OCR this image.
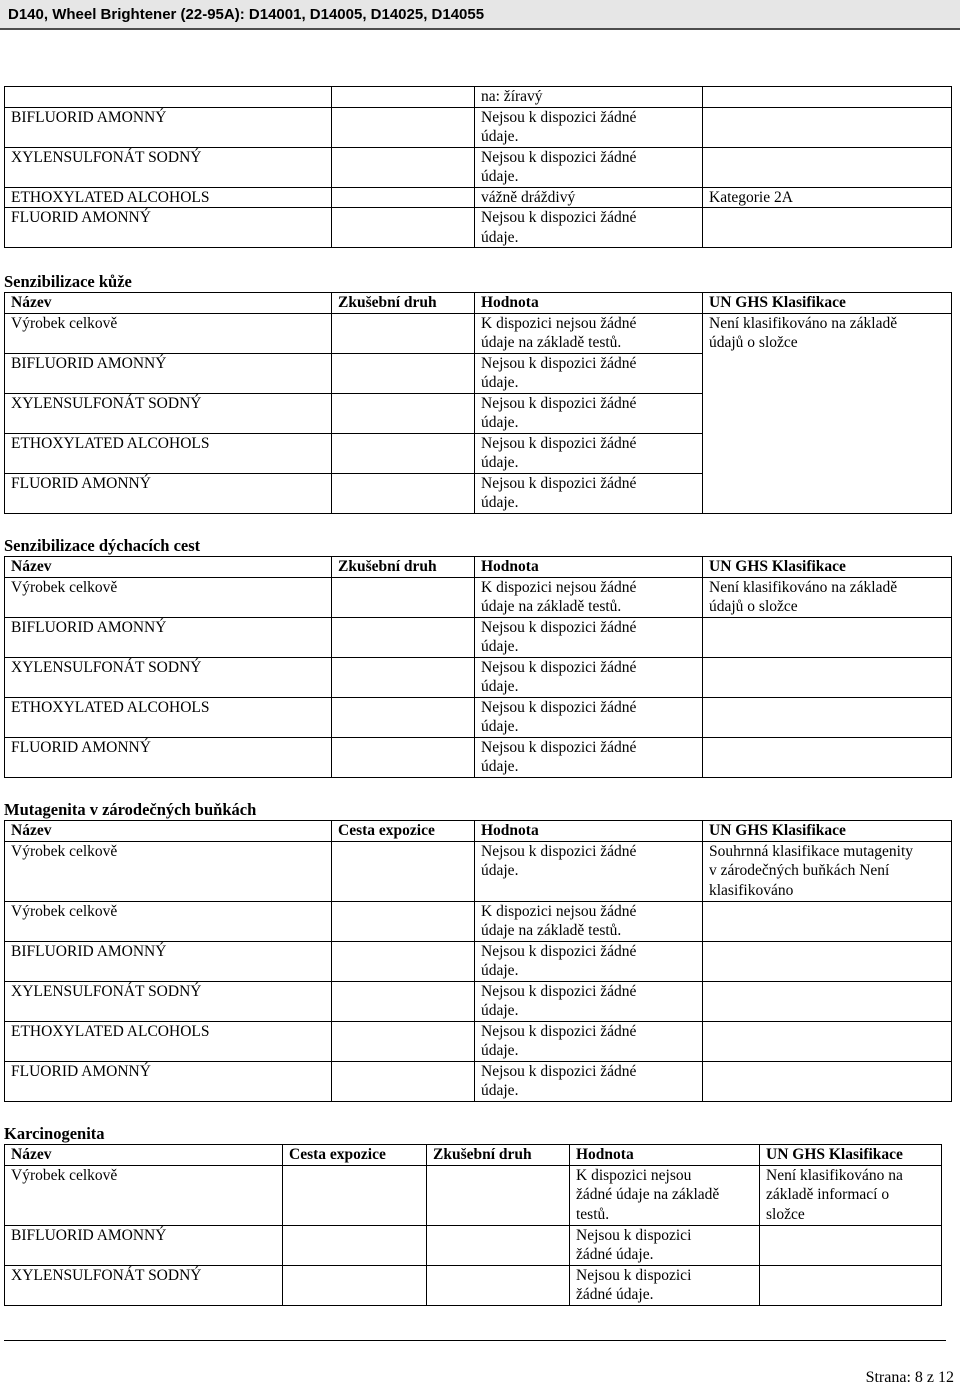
D140, Wheel Brightener (22-95A): D14001, D14005, D14025, D14055

		na: žíravý	

BIFLUORID AMONNÝ		Nejsou k dispozici žádné
údaje.	

XYLENSULFONÁT SODNÝ		Nejsou k dispozici žádné
údaje.	

ETHOXYLATED ALCOHOLS		vážně dráždivý	Kategorie 2A
FLUORID AMONNÝ		Nejsou k dispozici žádné
údaje.	

Senzibilizace kůže
Název	Zkušební druh	Hodnota	UN GHS Klasifikace
Výrobek celkově		K dispozici nejsou žádné
údaje na základě testů.	Není klasifikováno na základě
údajů o složce

BIFLUORID AMONNÝ		Nejsou k dispozici žádné
údaje.	

XYLENSULFONÁT SODNÝ		Nejsou k dispozici žádné
údaje.	

ETHOXYLATED ALCOHOLS		Nejsou k dispozici žádné
údaje.	

FLUORID AMONNÝ		Nejsou k dispozici žádné
údaje.	
Senzibilizace dýchacích cest
Název	Zkušební druh	Hodnota	UN GHS Klasifikace
Výrobek celkově		K dispozici nejsou žádné
údaje na základě testů.	Není klasifikováno na základě
údajů o složce

BIFLUORID AMONNÝ		Nejsou k dispozici žádné
údaje.	

XYLENSULFONÁT SODNÝ		Nejsou k dispozici žádné
údaje.	

ETHOXYLATED ALCOHOLS		Nejsou k dispozici žádné
údaje.	

FLUORID AMONNÝ		Nejsou k dispozici žádné
údaje.	

Mutagenita v zárodečných buňkách
Název	Cesta expozice	Hodnota	UN GHS Klasifikace
Výrobek celkově		Nejsou k dispozici žádné
údaje.	Souhrnná klasifikace mutagenity
v zárodečných buňkách Není
klasifikováno

Výrobek celkově		K dispozici nejsou žádné
údaje na základě testů.	

BIFLUORID AMONNÝ		Nejsou k dispozici žádné
údaje.	

XYLENSULFONÁT SODNÝ		Nejsou k dispozici žádné
údaje.	

ETHOXYLATED ALCOHOLS		Nejsou k dispozici žádné
údaje.	

FLUORID AMONNÝ		Nejsou k dispozici žádné
údaje.	

Karcinogenita
Název	Cesta expozice	Zkušební druh	Hodnota	UN GHS Klasifikace
Výrobek celkově			K dispozici nejsou
žádné údaje na základě
testů.	Není klasifikováno na
základě informací o
složce

BIFLUORID AMONNÝ			Nejsou k dispozici
žádné údaje.	

XYLENSULFONÁT SODNÝ			Nejsou k dispozici
žádné údaje.	

Strana: 8 z 12
